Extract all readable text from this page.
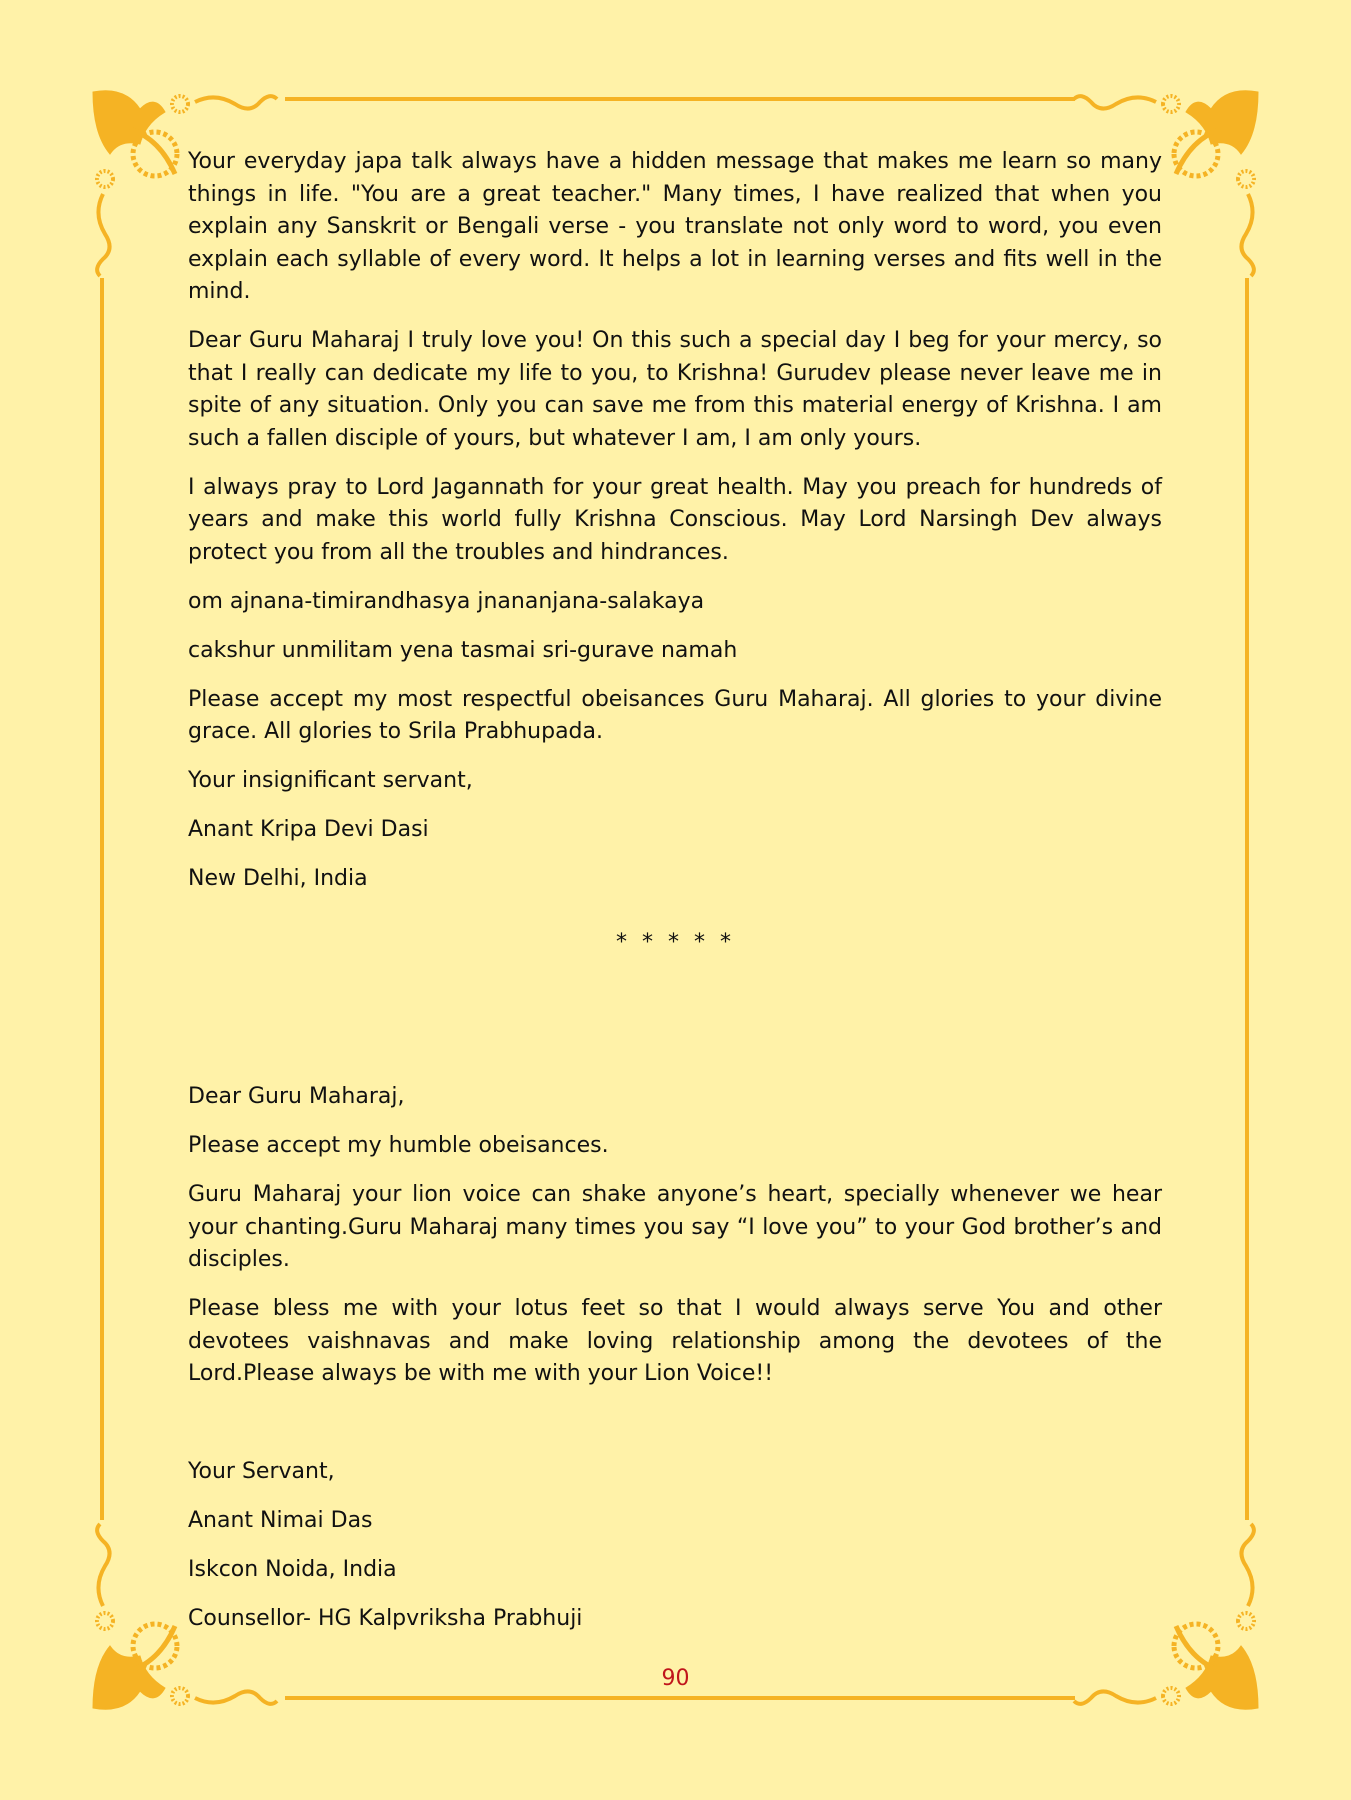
Your everyday japa talk always have a hidden message that makes me learn so many things in life. "You are a great teacher." Many times, I have realized that when you explain any Sanskrit or Bengali verse - you translate not only word to word, you even explain each syllable of every word. It helps a lot in learning verses and fits well in the mind.

Dear Guru Maharaj I truly love you! On this such a special day I beg for your mercy, so that I really can dedicate my life to you, to Krishna! Gurudev please never leave me in spite of any situation. Only you can save me from this material energy of Krishna. I am such a fallen disciple of yours, but whatever I am, I am only yours.

I always pray to Lord Jagannath for your great health. May you preach for hundreds of years and make this world fully Krishna Conscious. May Lord Narsingh Dev always protect you from all the troubles and hindrances.

om ajnana-timirandhasya jnananjana-salakaya

cakshur unmilitam yena tasmai sri-gurave namah

Please accept my most respectful obeisances Guru Maharaj. All glories to your divine grace. All glories to Srila Prabhupada.

Your insignificant servant,

Anant Kripa Devi Dasi

New Delhi, India

* * * * *

Dear Guru Maharaj,

Please accept my humble obeisances.

Guru Maharaj your lion voice can shake anyone’s heart, specially whenever we hear your chanting.Guru Maharaj many times you say “I love you” to your God brother’s and disciples.

Please bless me with your lotus feet so that I would always serve You and other devotees vaishnavas and make loving relationship among the devotees of the Lord.Please always be with me with your Lion Voice!!

Your Servant,

Anant Nimai Das

Iskcon Noida, India

Counsellor- HG Kalpvriksha Prabhuji

90
